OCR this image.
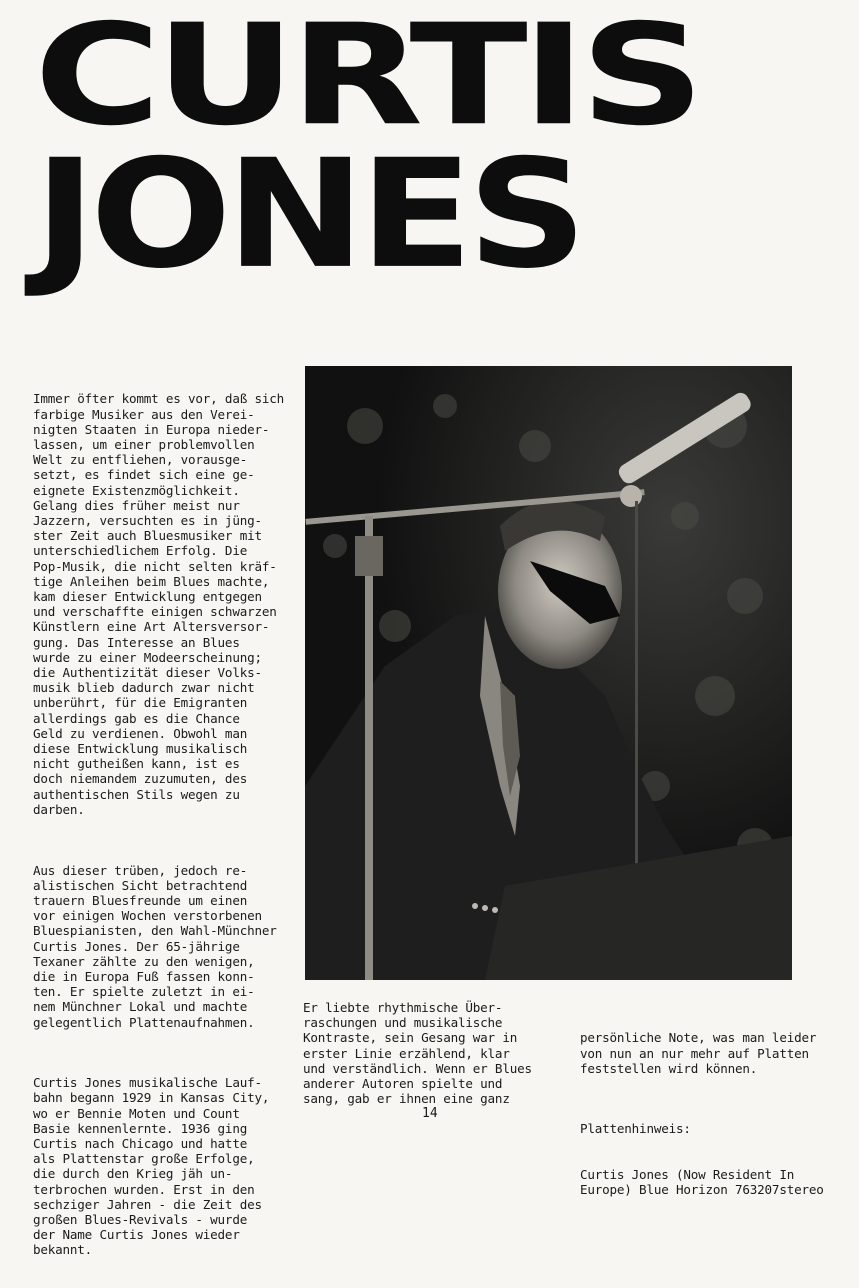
CURTIS
JONES

Immer öfter kommt es vor, daß sich
farbige Musiker aus den Verei-
nigten Staaten in Europa nieder-
lassen, um einer problemvollen
Welt zu entfliehen, vorausge-
setzt, es findet sich eine ge-
eignete Existenzmöglichkeit.
Gelang dies früher meist nur
Jazzern, versuchten es in jüng-
ster Zeit auch Bluesmusiker mit
unterschiedlichem Erfolg. Die
Pop-Musik, die nicht selten kräf-
tige Anleihen beim Blues machte,
kam dieser Entwicklung entgegen
und verschaffte einigen schwarzen
Künstlern eine Art Altersversor-
gung. Das Interesse an Blues
wurde zu einer Modeerscheinung;
die Authentizität dieser Volks-
musik blieb dadurch zwar nicht
unberührt, für die Emigranten
allerdings gab es die Chance
Geld zu verdienen. Obwohl man
diese Entwicklung musikalisch
nicht gutheißen kann, ist es
doch niemandem zuzumuten, des
authentischen Stils wegen zu
darben.

Aus dieser trüben, jedoch re-
alistischen Sicht betrachtend
trauern Bluesfreunde um einen
vor einigen Wochen verstorbenen
Bluespianisten, den Wahl-Münchner
Curtis Jones. Der 65-jährige
Texaner zählte zu den wenigen,
die in Europa Fuß fassen konn-
ten. Er spielte zuletzt in ei-
nem Münchner Lokal und machte
gelegentlich Plattenaufnahmen.

Curtis Jones musikalische Lauf-
bahn begann 1929 in Kansas City,
wo er Bennie Moten und Count
Basie kennenlernte. 1936 ging
Curtis nach Chicago und hatte
als Plattenstar große Erfolge,
die durch den Krieg jäh un-
terbrochen wurden. Erst in den
sechziger Jahren - die Zeit des
großen Blues-Revivals - wurde
der Name Curtis Jones wieder
bekannt.

Er liebte rhythmische Über-
raschungen und musikalische
Kontraste, sein Gesang war in
erster Linie erzählend, klar
und verständlich. Wenn er Blues
anderer Autoren spielte und
sang, gab er ihnen eine ganz

persönliche Note, was man leider
von nun an nur mehr auf Platten
feststellen wird können.

Plattenhinweis:

Curtis Jones (Now Resident In
Europe) Blue Horizon 763207stereo

14
